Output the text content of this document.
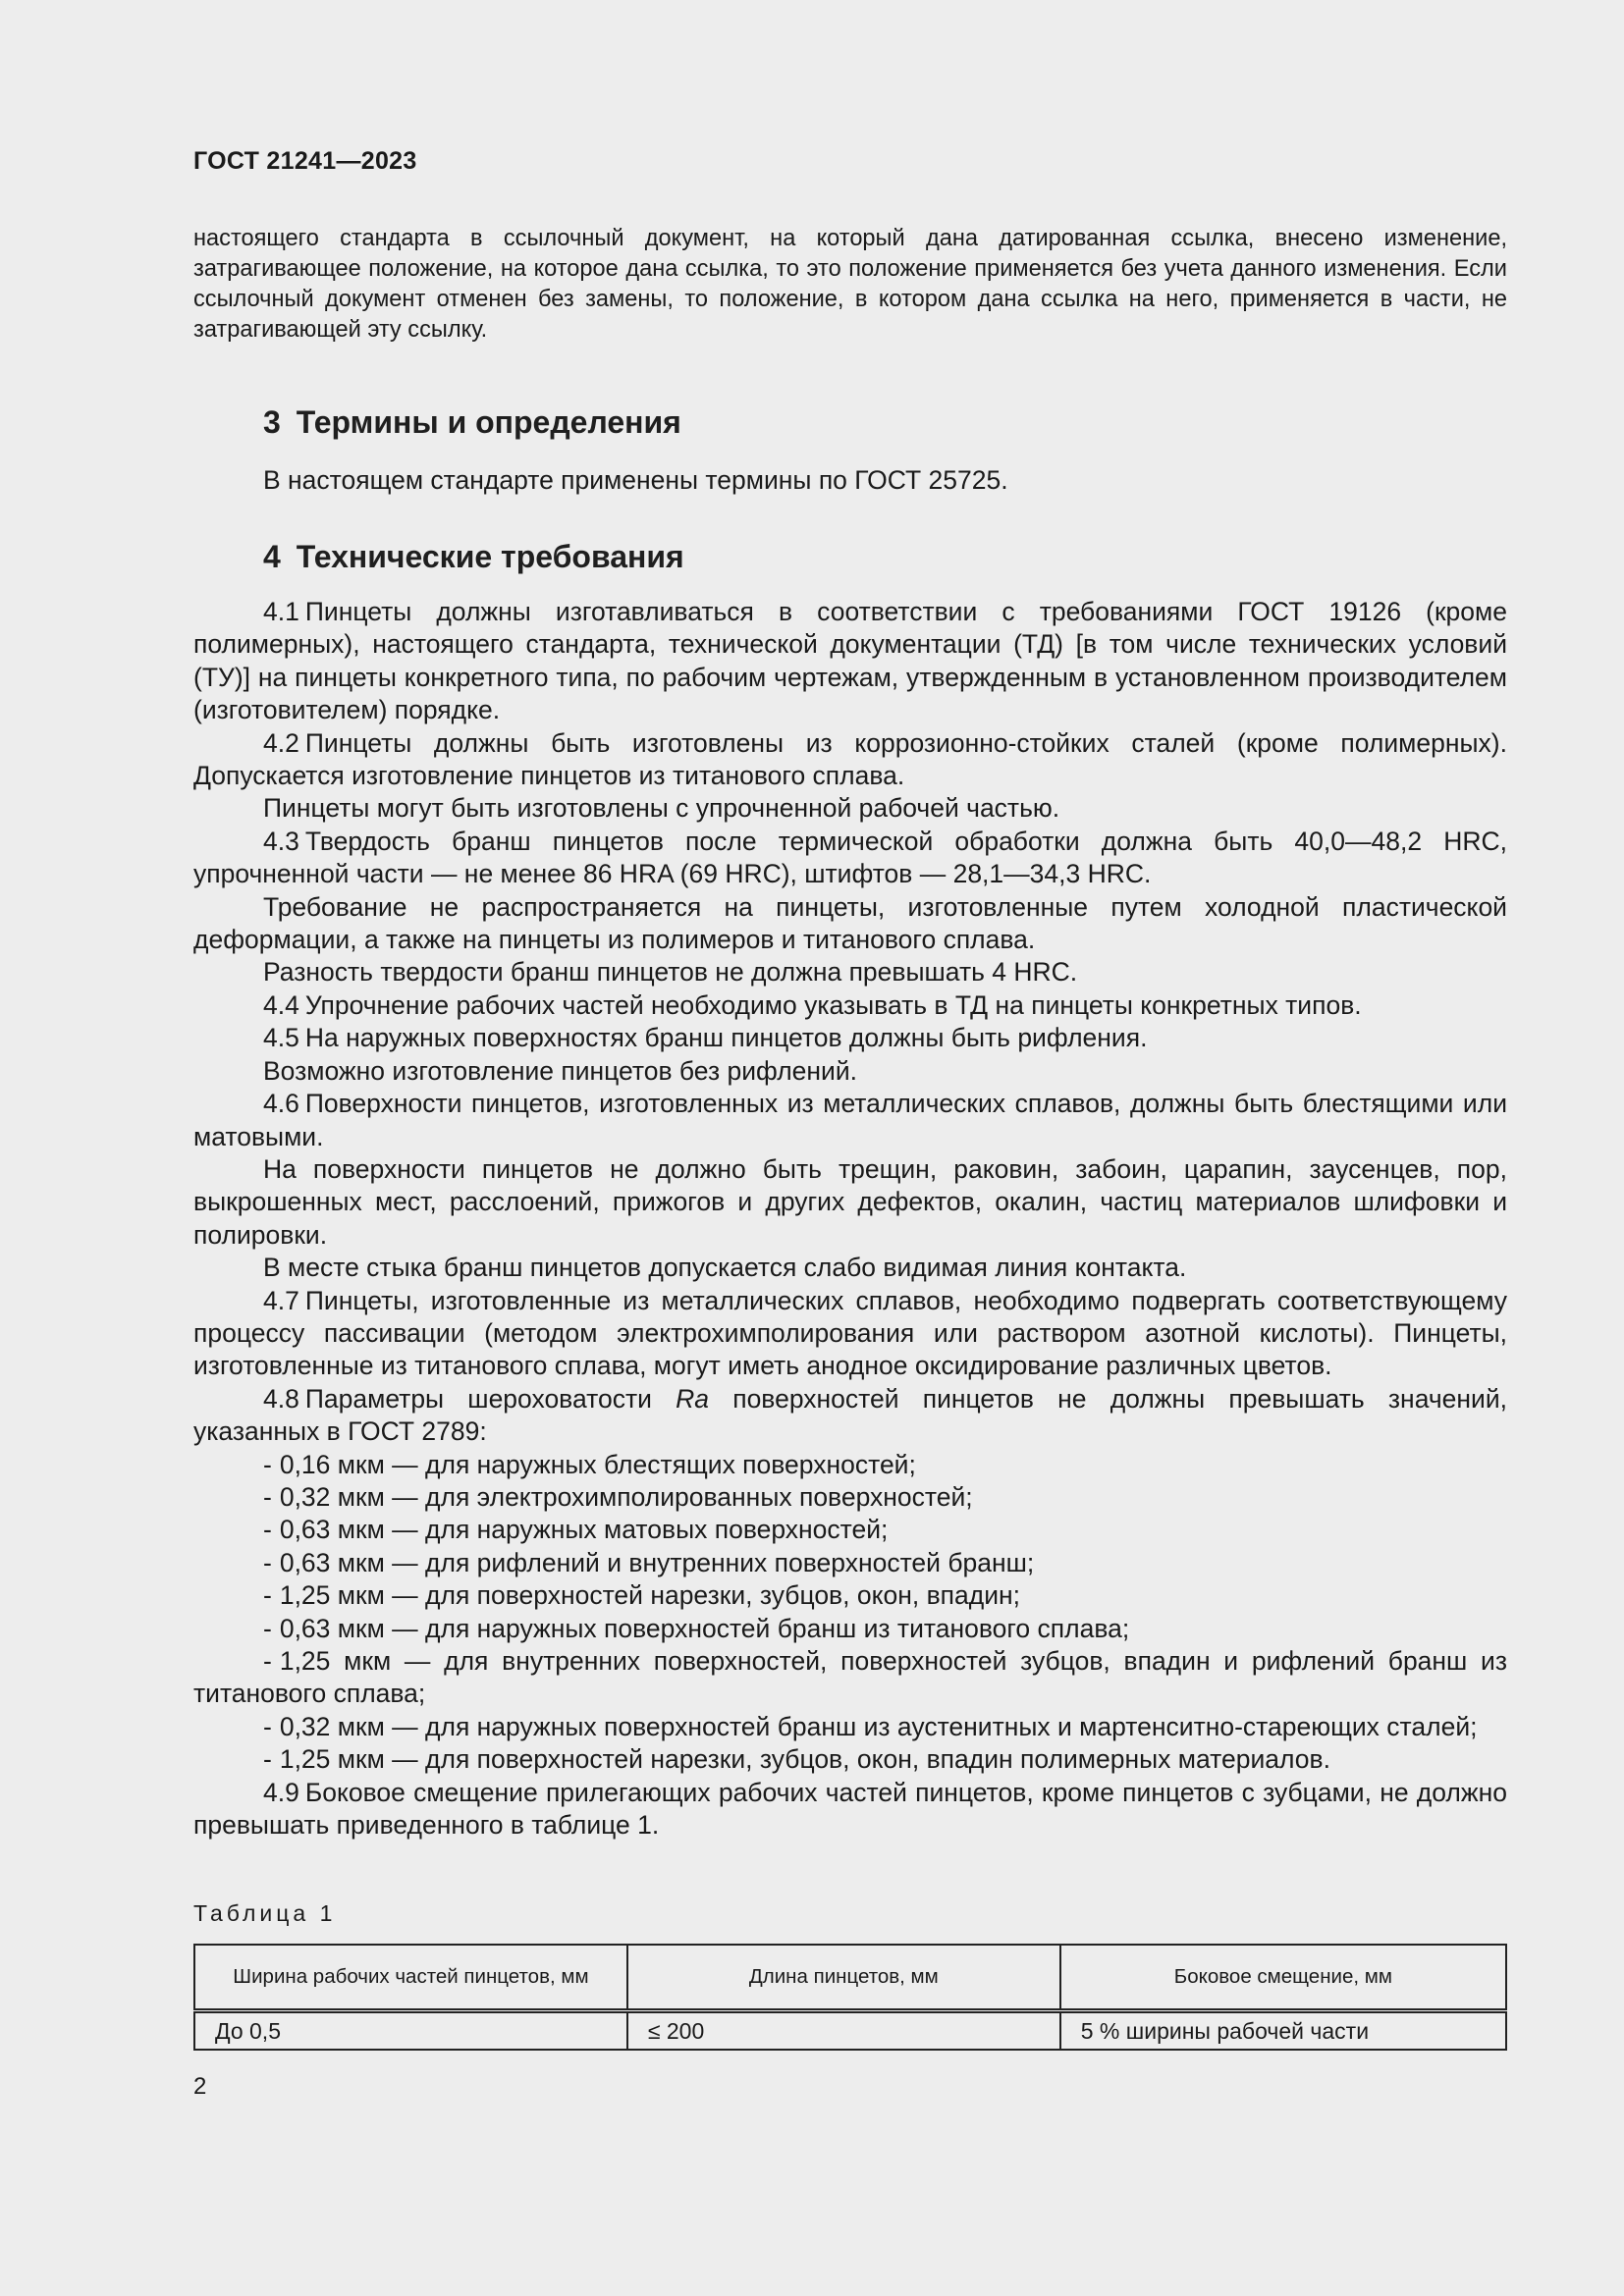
ГОСТ 21241—2023

настоящего стандарта в ссылочный документ, на который дана датированная ссылка, внесено изменение, затрагивающее положение, на которое дана ссылка, то это положение применяется без учета данного изменения. Если ссылочный документ отменен без замены, то положение, в котором дана ссылка на него, применяется в части, не затрагивающей эту ссылку.

3 Термины и определения
В настоящем стандарте применены термины по ГОСТ 25725.
4 Технические требования

4.1 Пинцеты должны изготавливаться в соответствии с требованиями ГОСТ 19126 (кроме полимерных), настоящего стандарта, технической документации (ТД) [в том числе технических условий (ТУ)] на пинцеты конкретного типа, по рабочим чертежам, утвержденным в установленном производителем (изготовителем) порядке.

4.2 Пинцеты должны быть изготовлены из коррозионно-стойких сталей (кроме полимерных). Допускается изготовление пинцетов из титанового сплава.

Пинцеты могут быть изготовлены с упрочненной рабочей частью.

4.3 Твердость бранш пинцетов после термической обработки должна быть 40,0—48,2 HRC, упрочненной части — не менее 86 HRA (69 HRC), штифтов — 28,1—34,3 HRC.

Требование не распространяется на пинцеты, изготовленные путем холодной пластической деформации, а также на пинцеты из полимеров и титанового сплава.

Разность твердости бранш пинцетов не должна превышать 4 HRC.

4.4 Упрочнение рабочих частей необходимо указывать в ТД на пинцеты конкретных типов.

4.5 На наружных поверхностях бранш пинцетов должны быть рифления.

Возможно изготовление пинцетов без рифлений.

4.6 Поверхности пинцетов, изготовленных из металлических сплавов, должны быть блестящими или матовыми.

На поверхности пинцетов не должно быть трещин, раковин, забоин, царапин, заусенцев, пор, выкрошенных мест, расслоений, прижогов и других дефектов, окалин, частиц материалов шлифовки и полировки.

В месте стыка бранш пинцетов допускается слабо видимая линия контакта.

4.7 Пинцеты, изготовленные из металлических сплавов, необходимо подвергать соответствующему процессу пассивации (методом электрохимполирования или раствором азотной кислоты). Пинцеты, изготовленные из титанового сплава, могут иметь анодное оксидирование различных цветов.

4.8 Параметры шероховатости Ra поверхностей пинцетов не должны превышать значений, указанных в ГОСТ 2789:

- 0,16 мкм — для наружных блестящих поверхностей;

- 0,32 мкм — для электрохимполированных поверхностей;

- 0,63 мкм — для наружных матовых поверхностей;

- 0,63 мкм — для рифлений и внутренних поверхностей бранш;

- 1,25 мкм — для поверхностей нарезки, зубцов, окон, впадин;

- 0,63 мкм — для наружных поверхностей бранш из титанового сплава;

- 1,25 мкм — для внутренних поверхностей, поверхностей зубцов, впадин и рифлений бранш из титанового сплава;

- 0,32 мкм — для наружных поверхностей бранш из аустенитных и мартенситно-стареющих сталей;

- 1,25 мкм — для поверхностей нарезки, зубцов, окон, впадин полимерных материалов.

4.9 Боковое смещение прилегающих рабочих частей пинцетов, кроме пинцетов с зубцами, не должно превышать приведенного в таблице 1.

Таблица 1
Ширина рабочих частей пинцетов, мм	Длина пинцетов, мм	Боковое смещение, мм
До 0,5	≤ 200	5 % ширины рабочей части
2
